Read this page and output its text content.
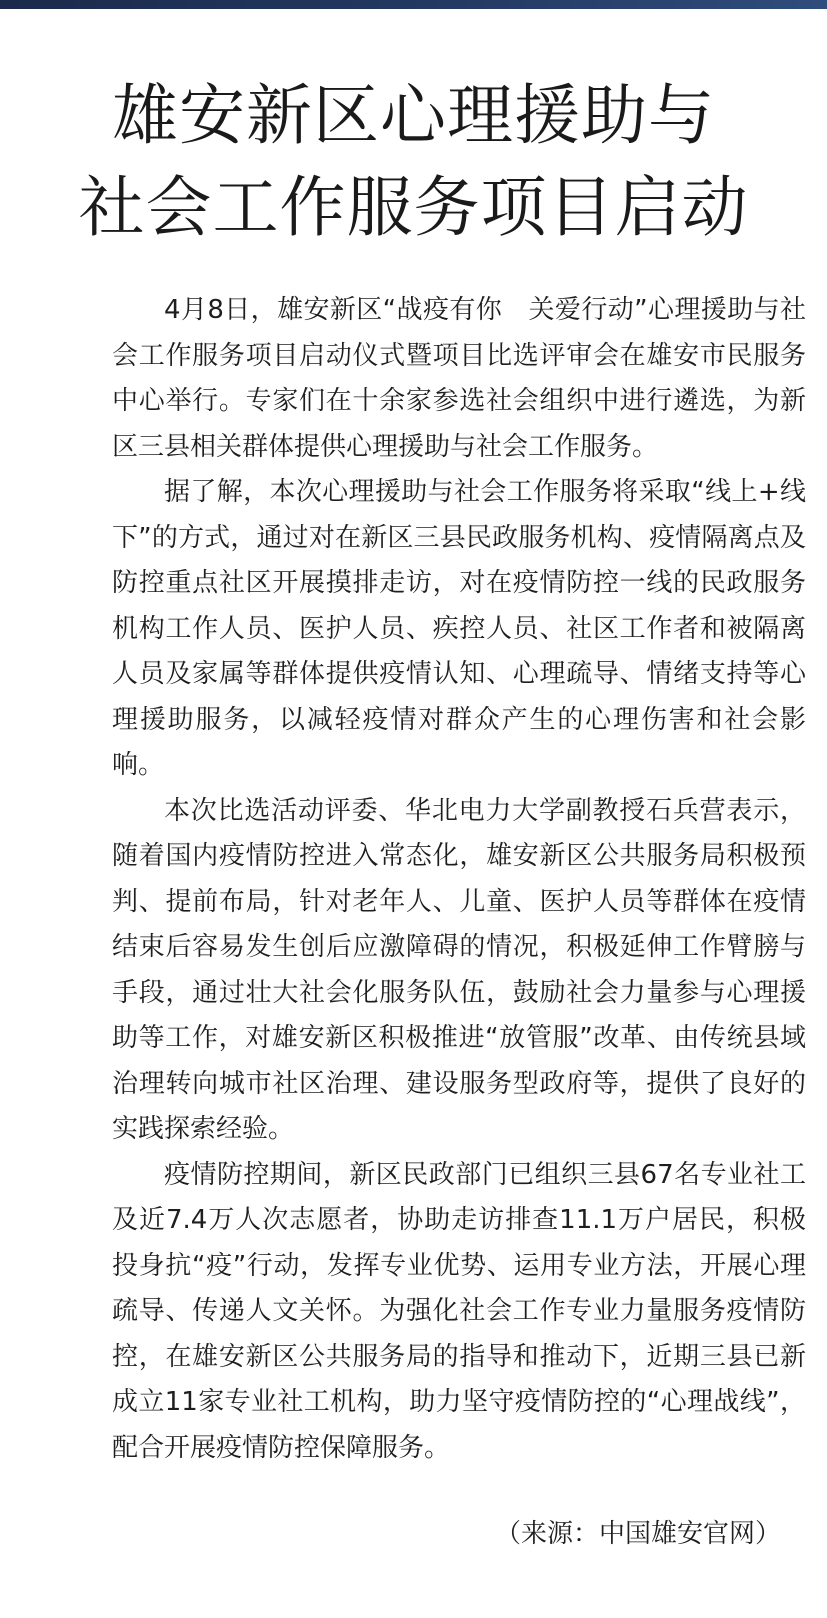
雄安新区心理援助与
社会工作服务项目启动

4月8日，雄安新区“战疫有你　关爱行动”心理援助与社会工作服务项目启动仪式暨项目比选评审会在雄安市民服务中心举行。专家们在十余家参选社会组织中进行遴选，为新区三县相关群体提供心理援助与社会工作服务。

据了解，本次心理援助与社会工作服务将采取“线上+线下”的方式，通过对在新区三县民政服务机构、疫情隔离点及防控重点社区开展摸排走访，对在疫情防控一线的民政服务机构工作人员、医护人员、疾控人员、社区工作者和被隔离人员及家属等群体提供疫情认知、心理疏导、情绪支持等心理援助服务，以减轻疫情对群众产生的心理伤害和社会影响。

本次比选活动评委、华北电力大学副教授石兵营表示，随着国内疫情防控进入常态化，雄安新区公共服务局积极预判、提前布局，针对老年人、儿童、医护人员等群体在疫情结束后容易发生创后应激障碍的情况，积极延伸工作臂膀与手段，通过壮大社会化服务队伍，鼓励社会力量参与心理援助等工作，对雄安新区积极推进“放管服”改革、由传统县域治理转向城市社区治理、建设服务型政府等，提供了良好的实践探索经验。

疫情防控期间，新区民政部门已组织三县67名专业社工及近7.4万人次志愿者，协助走访排查11.1万户居民，积极投身抗“疫”行动，发挥专业优势、运用专业方法，开展心理疏导、传递人文关怀。为强化社会工作专业力量服务疫情防控，在雄安新区公共服务局的指导和推动下，近期三县已新成立11家专业社工机构，助力坚守疫情防控的“心理战线”，配合开展疫情防控保障服务。

（来源：中国雄安官网）
